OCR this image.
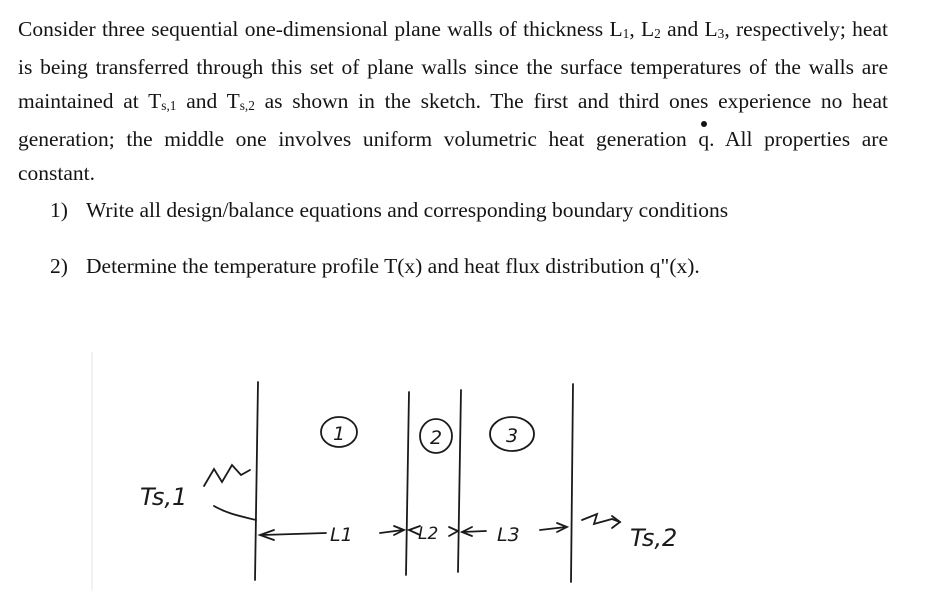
Consider three sequential one-dimensional plane walls of thickness L1, L2 and L3, respectively; heat is being transferred through this set of plane walls since the surface temperatures of the walls are maintained at Ts,1 and Ts,2 as shown in the sketch. The first and third ones experience no heat generation; the middle one involves uniform volumetric heat generation q. All properties are constant.

1) Write all design/balance equations and corresponding boundary conditions
2) Determine the temperature profile T(x) and heat flux distribution q"(x).
1	2	3
L1	L2	L3
Ts,1
Ts,2
